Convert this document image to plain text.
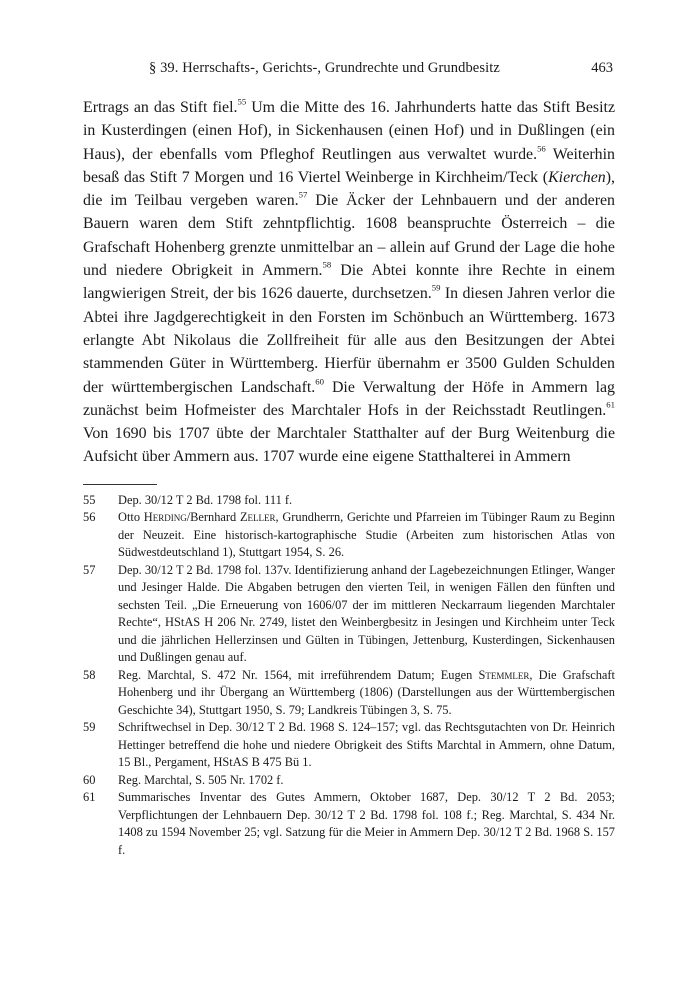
§ 39. Herrschafts-, Gerichts-, Grundrechte und Grundbesitz	463

Ertrags an das Stift fiel.$^{55}$ Um die Mitte des 16. Jahrhunderts hatte das Stift Besitz in Kusterdingen (einen Hof), in Sickenhausen (einen Hof) und in Dußlingen (ein Haus), der ebenfalls vom Pfleghof Reutlingen aus verwaltet wurde.$^{56}$ Weiterhin besaß das Stift 7 Morgen und 16 Viertel Weinberge in Kirchheim/Teck (Kierchen), die im Teilbau vergeben waren.$^{57}$ Die Äcker der Lehnbauern und der anderen Bauern waren dem Stift zehntpflichtig. 1608 beanspruchte Österreich – die Grafschaft Hohenberg grenzte unmittelbar an – allein auf Grund der Lage die hohe und niedere Obrigkeit in Ammern.$^{58}$ Die Abtei konnte ihre Rechte in einem langwierigen Streit, der bis 1626 dauerte, durchsetzen.$^{59}$ In diesen Jahren verlor die Abtei ihre Jagdgerechtigkeit in den Forsten im Schönbuch an Württemberg. 1673 erlangte Abt Nikolaus die Zollfreiheit für alle aus den Besitzungen der Abtei stammenden Güter in Württemberg. Hierfür übernahm er 3500 Gulden Schulden der württembergischen Landschaft.$^{60}$ Die Verwaltung der Höfe in Ammern lag zunächst beim Hofmeister des Marchtaler Hofs in der Reichsstadt Reutlingen.$^{61}$ Von 1690 bis 1707 übte der Marchtaler Statthalter auf der Burg Weitenburg die Aufsicht über Ammern aus. 1707 wurde eine eigene Statthalterei in Ammern

55 Dep. 30/12 T 2 Bd. 1798 fol. 111 f.
56 Otto Herding/Bernhard Zeller, Grundherrn, Gerichte und Pfarreien im Tübinger Raum zu Beginn der Neuzeit. Eine historisch-kartographische Studie (Arbeiten zum historischen Atlas von Südwestdeutschland 1), Stuttgart 1954, S. 26.
57 Dep. 30/12 T 2 Bd. 1798 fol. 137v. Identifizierung anhand der Lagebezeichnungen Etlinger, Wanger und Jesinger Halde. Die Abgaben betrugen den vierten Teil, in wenigen Fällen den fünften und sechsten Teil. „Die Erneuerung von 1606/07 der im mittleren Neckarraum liegenden Marchtaler Rechte“, HStAS H 206 Nr. 2749, listet den Weinbergbesitz in Jesingen und Kirchheim unter Teck und die jährlichen Hellerzinsen und Gülten in Tübingen, Jettenburg, Kusterdingen, Sickenhausen und Dußlingen genau auf.
58 Reg. Marchtal, S. 472 Nr. 1564, mit irreführendem Datum; Eugen Stemmler, Die Grafschaft Hohenberg und ihr Übergang an Württemberg (1806) (Darstellungen aus der Württembergischen Geschichte 34), Stuttgart 1950, S. 79; Landkreis Tübingen 3, S. 75.
59 Schriftwechsel in Dep. 30/12 T 2 Bd. 1968 S. 124–157; vgl. das Rechtsgutachten von Dr. Heinrich Hettinger betreffend die hohe und niedere Obrigkeit des Stifts Marchtal in Ammern, ohne Datum, 15 Bl., Pergament, HStAS B 475 Bü 1.
60 Reg. Marchtal, S. 505 Nr. 1702 f.
61 Summarisches Inventar des Gutes Ammern, Oktober 1687, Dep. 30/12 T 2 Bd. 2053; Verpflichtungen der Lehnbauern Dep. 30/12 T 2 Bd. 1798 fol. 108 f.; Reg. Marchtal, S. 434 Nr. 1408 zu 1594 November 25; vgl. Satzung für die Meier in Ammern Dep. 30/12 T 2 Bd. 1968 S. 157 f.
